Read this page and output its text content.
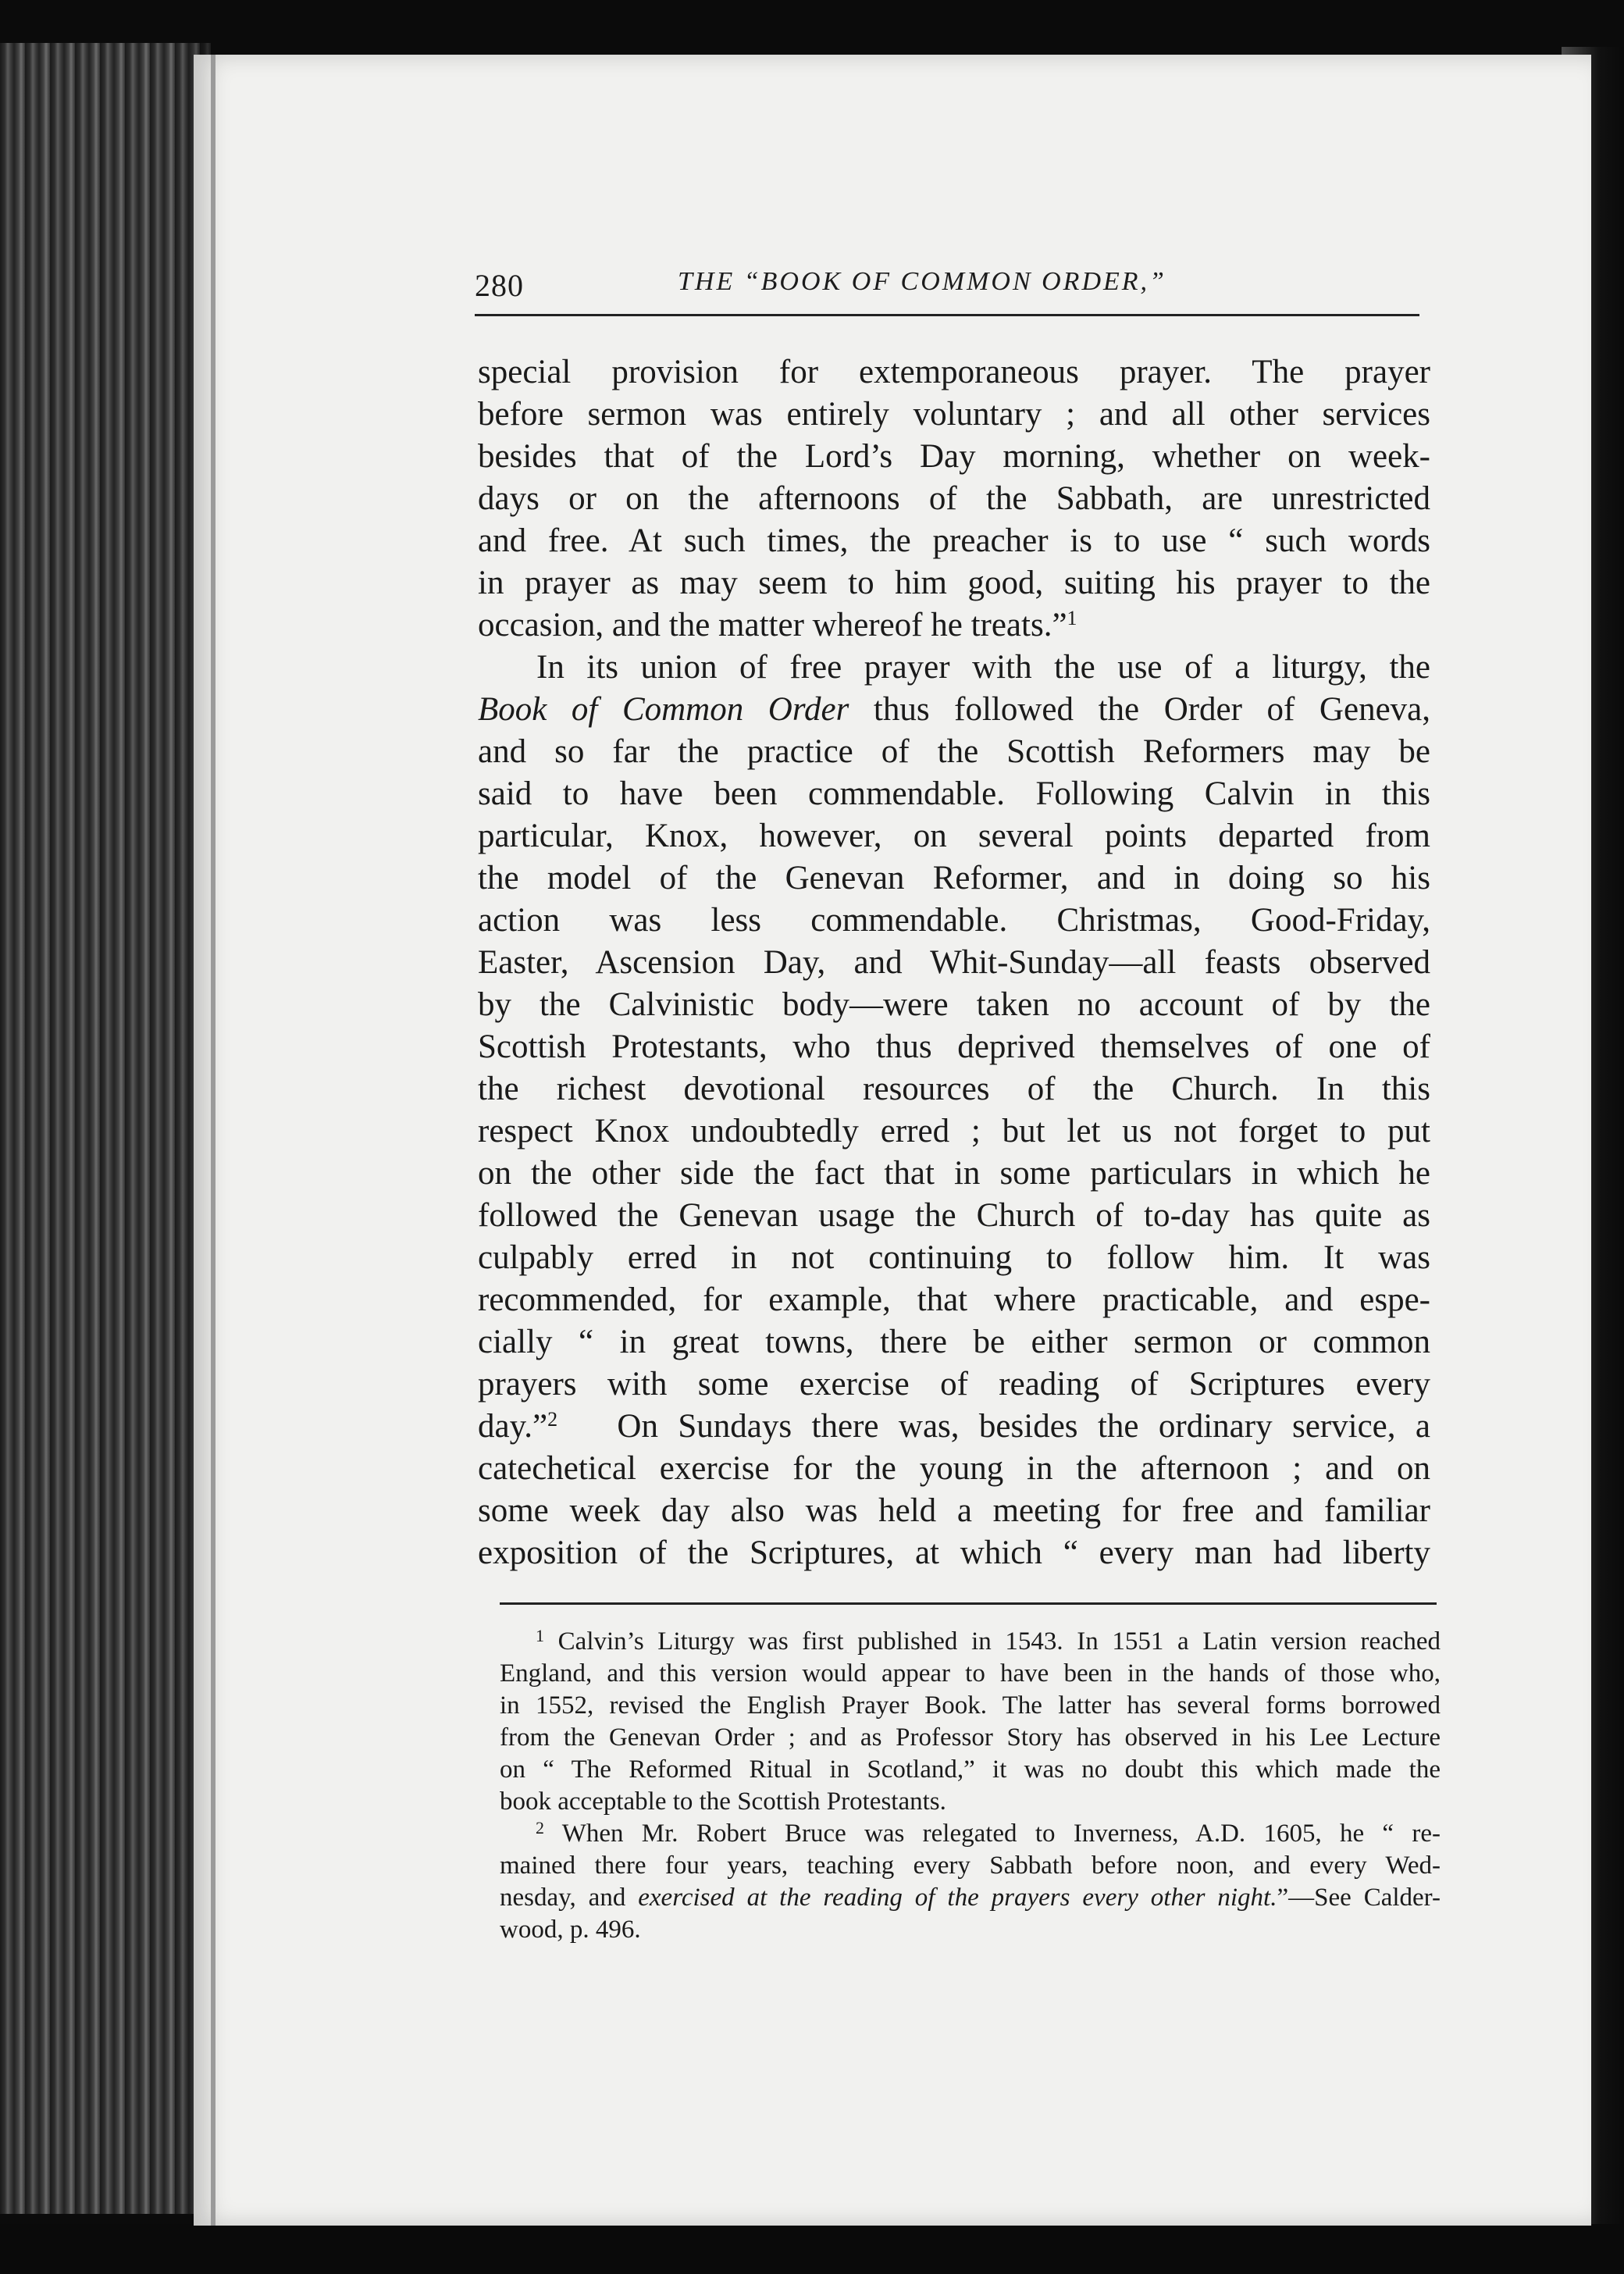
280	THE “BOOK OF COMMON ORDER,”
special provision for extemporaneous prayer. The prayer
before sermon was entirely voluntary ; and all other services
besides that of the Lord’s Day morning, whether on week-
days or on the afternoons of the Sabbath, are unrestricted
and free. At such times, the preacher is to use “ such words
in prayer as may seem to him good, suiting his prayer to the
occasion, and the matter whereof he treats.”$^1$
In its union of free prayer with the use of a liturgy, the
Book of Common Order thus followed the Order of Geneva,
and so far the practice of the Scottish Reformers may be
said to have been commendable. Following Calvin in this
particular, Knox, however, on several points departed from
the model of the Genevan Reformer, and in doing so his
action was less commendable. Christmas, Good-Friday,
Easter, Ascension Day, and Whit-Sunday—all feasts observed
by the Calvinistic body—were taken no account of by the
Scottish Protestants, who thus deprived themselves of one of
the richest devotional resources of the Church. In this
respect Knox undoubtedly erred ; but let us not forget to put
on the other side the fact that in some particulars in which he
followed the Genevan usage the Church of to-day has quite as
culpably erred in not continuing to follow him. It was
recommended, for example, that where practicable, and espe-
cially “ in great towns, there be either sermon or common
prayers with some exercise of reading of Scriptures every
day.”$^2$ On Sundays there was, besides the ordinary service, a
catechetical exercise for the young in the afternoon ; and on
some week day also was held a meeting for free and familiar
exposition of the Scriptures, at which “ every man had liberty
$^1$ Calvin’s Liturgy was first published in 1543. In 1551 a Latin version reached
England, and this version would appear to have been in the hands of those who,
in 1552, revised the English Prayer Book. The latter has several forms borrowed
from the Genevan Order ; and as Professor Story has observed in his Lee Lecture
on “ The Reformed Ritual in Scotland,” it was no doubt this which made the
book acceptable to the Scottish Protestants.
$^2$ When Mr. Robert Bruce was relegated to Inverness, A.D. 1605, he “ re-
mained there four years, teaching every Sabbath before noon, and every Wed-
nesday, and exercised at the reading of the prayers every other night.”—See Calder-
wood, p. 496.
